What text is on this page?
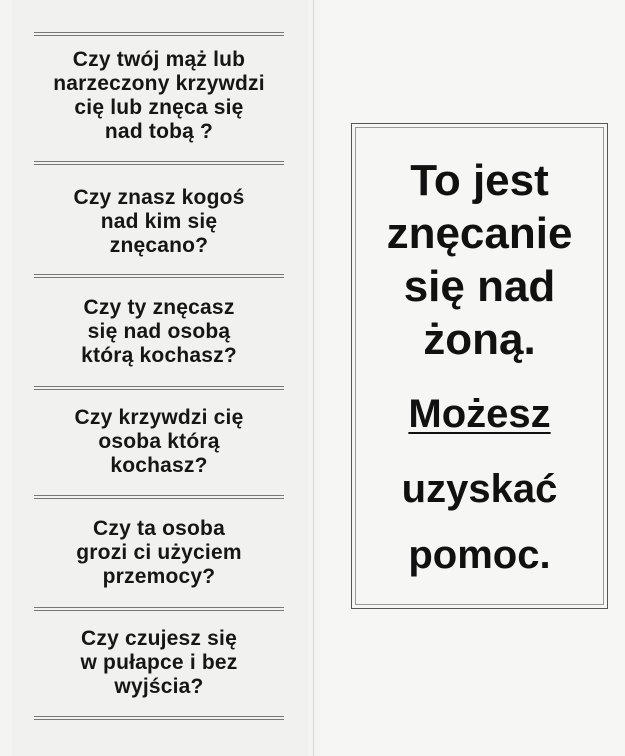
Czy twój mąż lub
narzeczony krzywdzi
cię lub znęca się
nad tobą ?
Czy znasz kogoś
nad kim się
znęcano?
Czy ty znęcasz
się nad osobą
którą kochasz?
Czy krzywdzi cię
osoba którą
kochasz?
Czy ta osoba
grozi ci użyciem
przemocy?
Czy czujesz się
w pułapce i bez
wyjścia?
To jest
znęcanie
się nad
żoną.
Możesz
uzyskać
pomoc.
